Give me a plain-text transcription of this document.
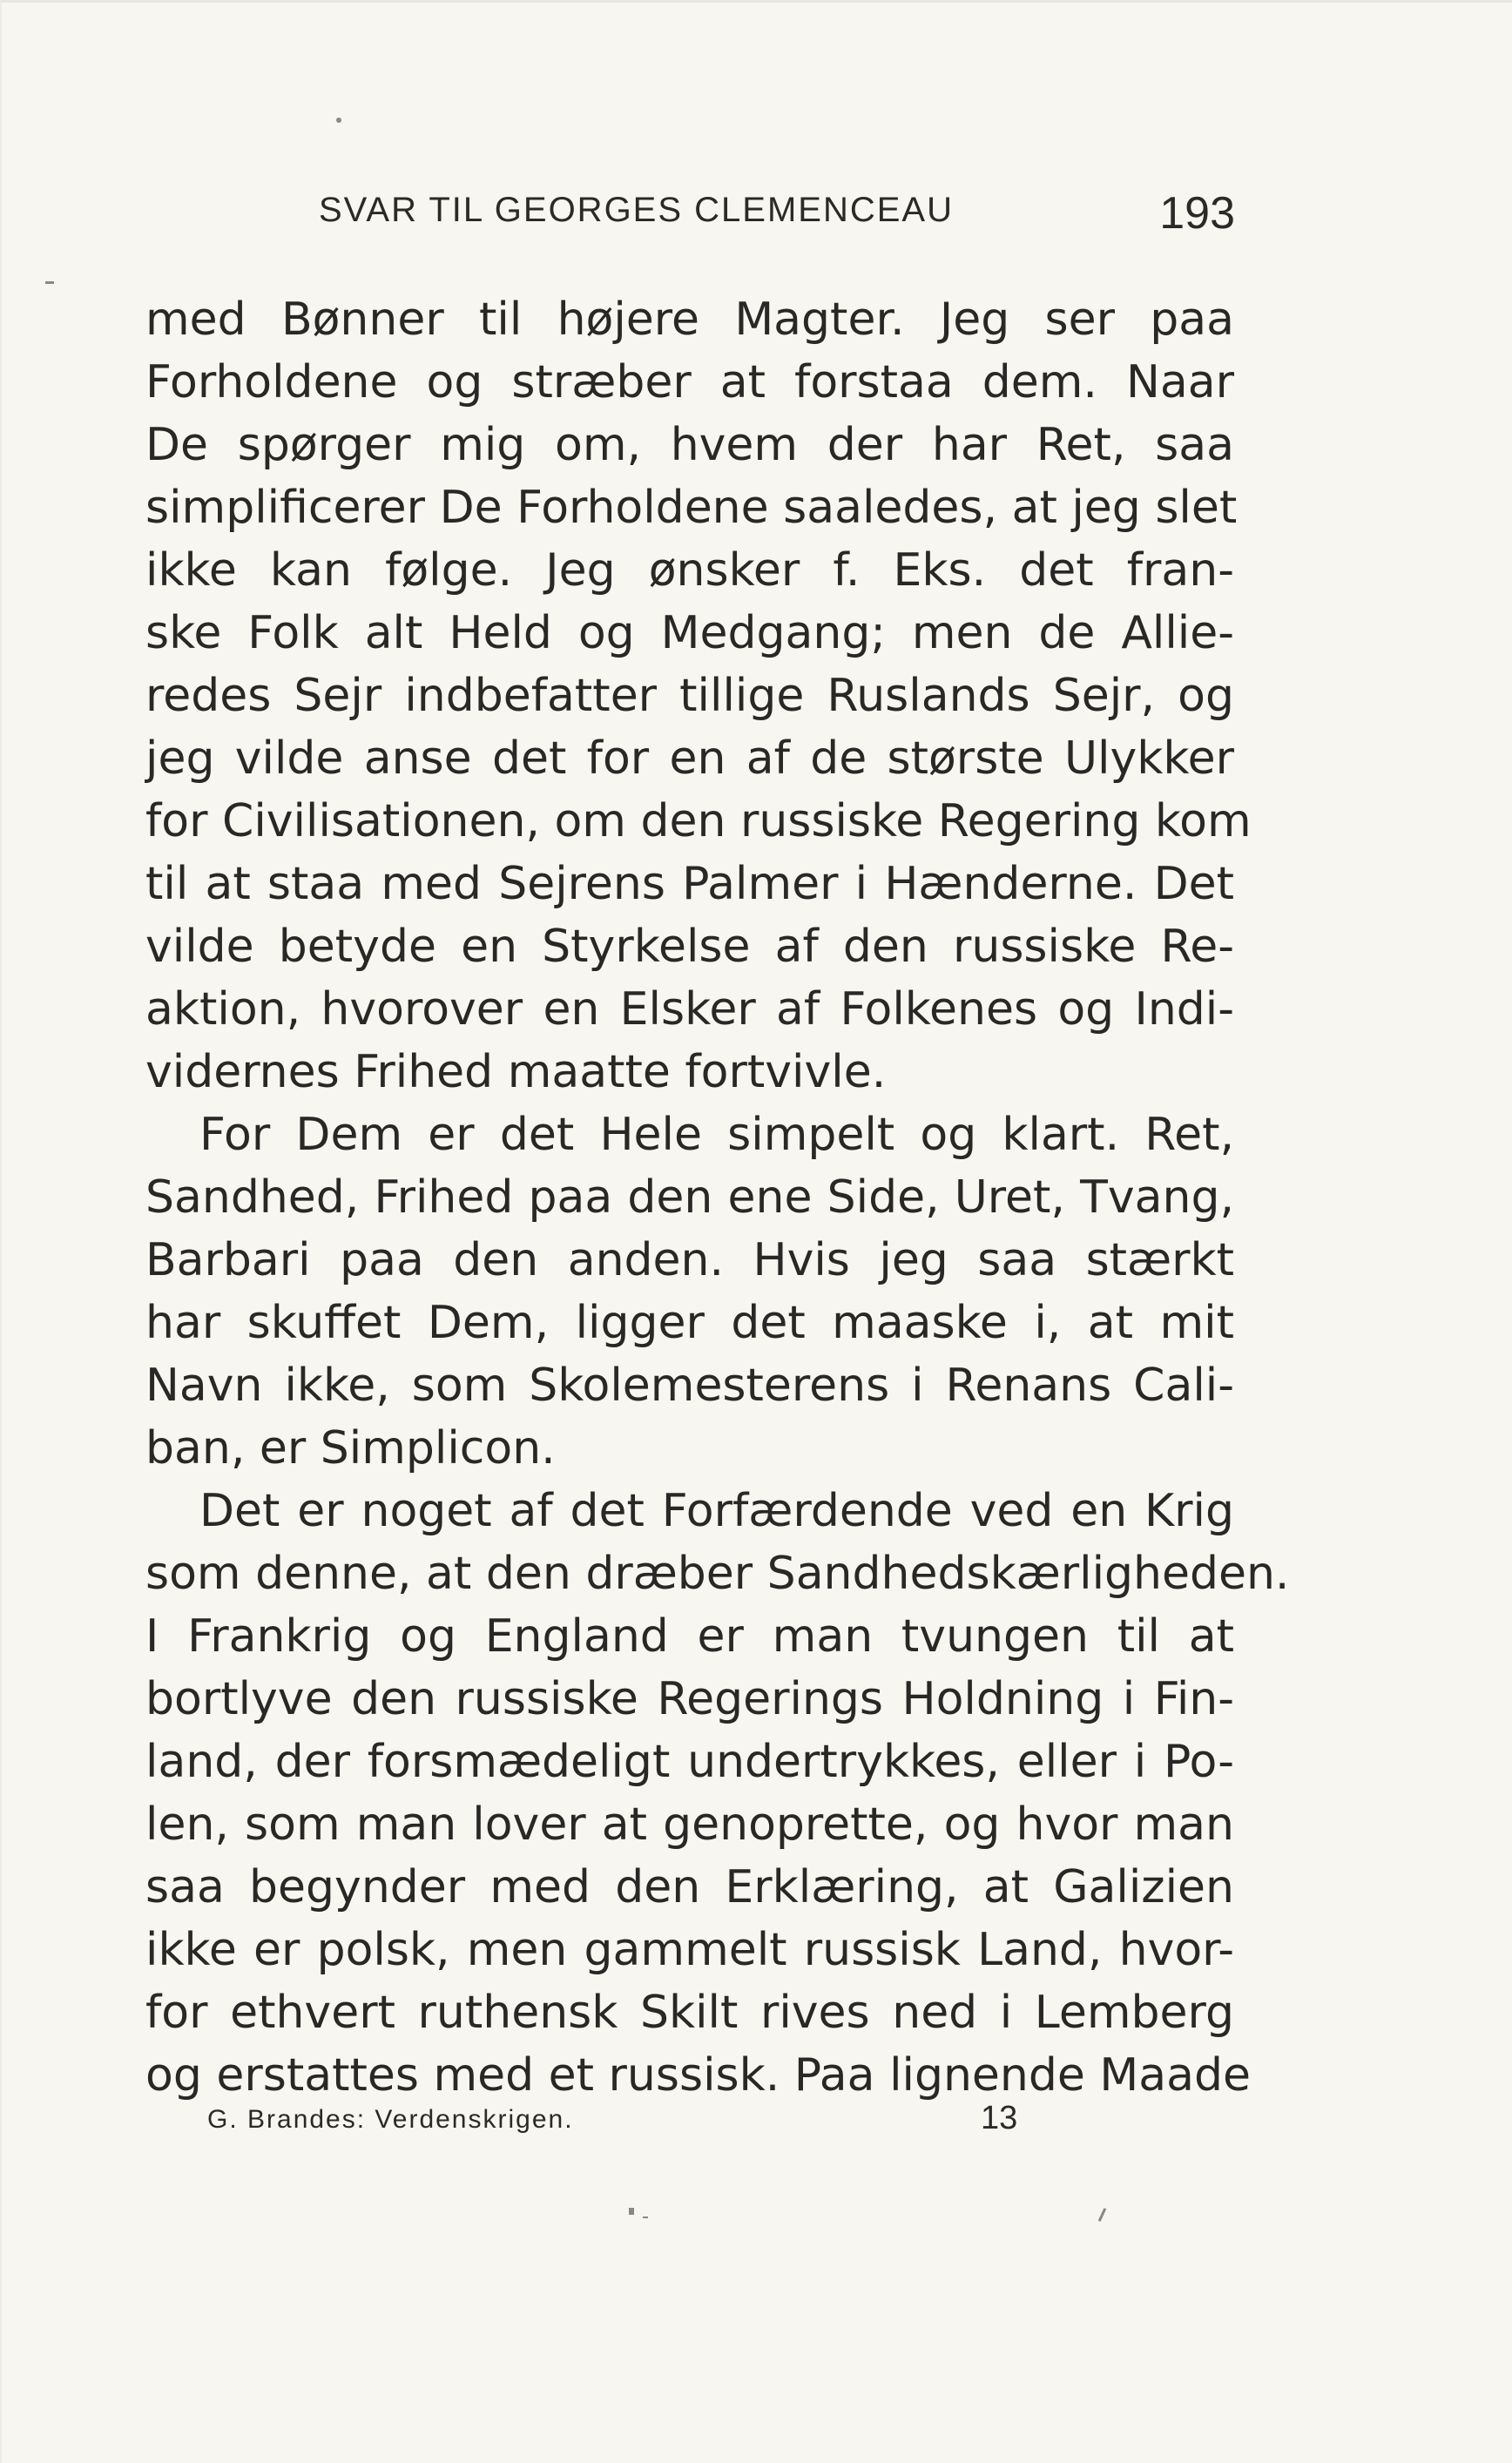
SVAR TIL GEORGES CLEMENCEAU	193
med Bønner til højere Magter. Jeg ser paa
Forholdene og stræber at forstaa dem. Naar
De spørger mig om, hvem der har Ret, saa
simplificerer De Forholdene saaledes, at jeg slet
ikke kan følge. Jeg ønsker f. Eks. det fran-
ske Folk alt Held og Medgang; men de Allie-
redes Sejr indbefatter tillige Ruslands Sejr, og
jeg vilde anse det for en af de største Ulykker
for Civilisationen, om den russiske Regering kom
til at staa med Sejrens Palmer i Hænderne. Det
vilde betyde en Styrkelse af den russiske Re-
aktion, hvorover en Elsker af Folkenes og Indi-
vidernes Frihed maatte fortvivle.
For Dem er det Hele simpelt og klart. Ret,
Sandhed, Frihed paa den ene Side, Uret, Tvang,
Barbari paa den anden. Hvis jeg saa stærkt
har skuffet Dem, ligger det maaske i, at mit
Navn ikke, som Skolemesterens i Renans Cali-
ban, er Simplicon.
Det er noget af det Forfærdende ved en Krig
som denne, at den dræber Sandhedskærligheden.
I Frankrig og England er man tvungen til at
bortlyve den russiske Regerings Holdning i Fin-
land, der forsmædeligt undertrykkes, eller i Po-
len, som man lover at genoprette, og hvor man
saa begynder med den Erklæring, at Galizien
ikke er polsk, men gammelt russisk Land, hvor-
for ethvert ruthensk Skilt rives ned i Lemberg
og erstattes med et russisk. Paa lignende Maade
G. Brandes: Verdenskrigen.	13
